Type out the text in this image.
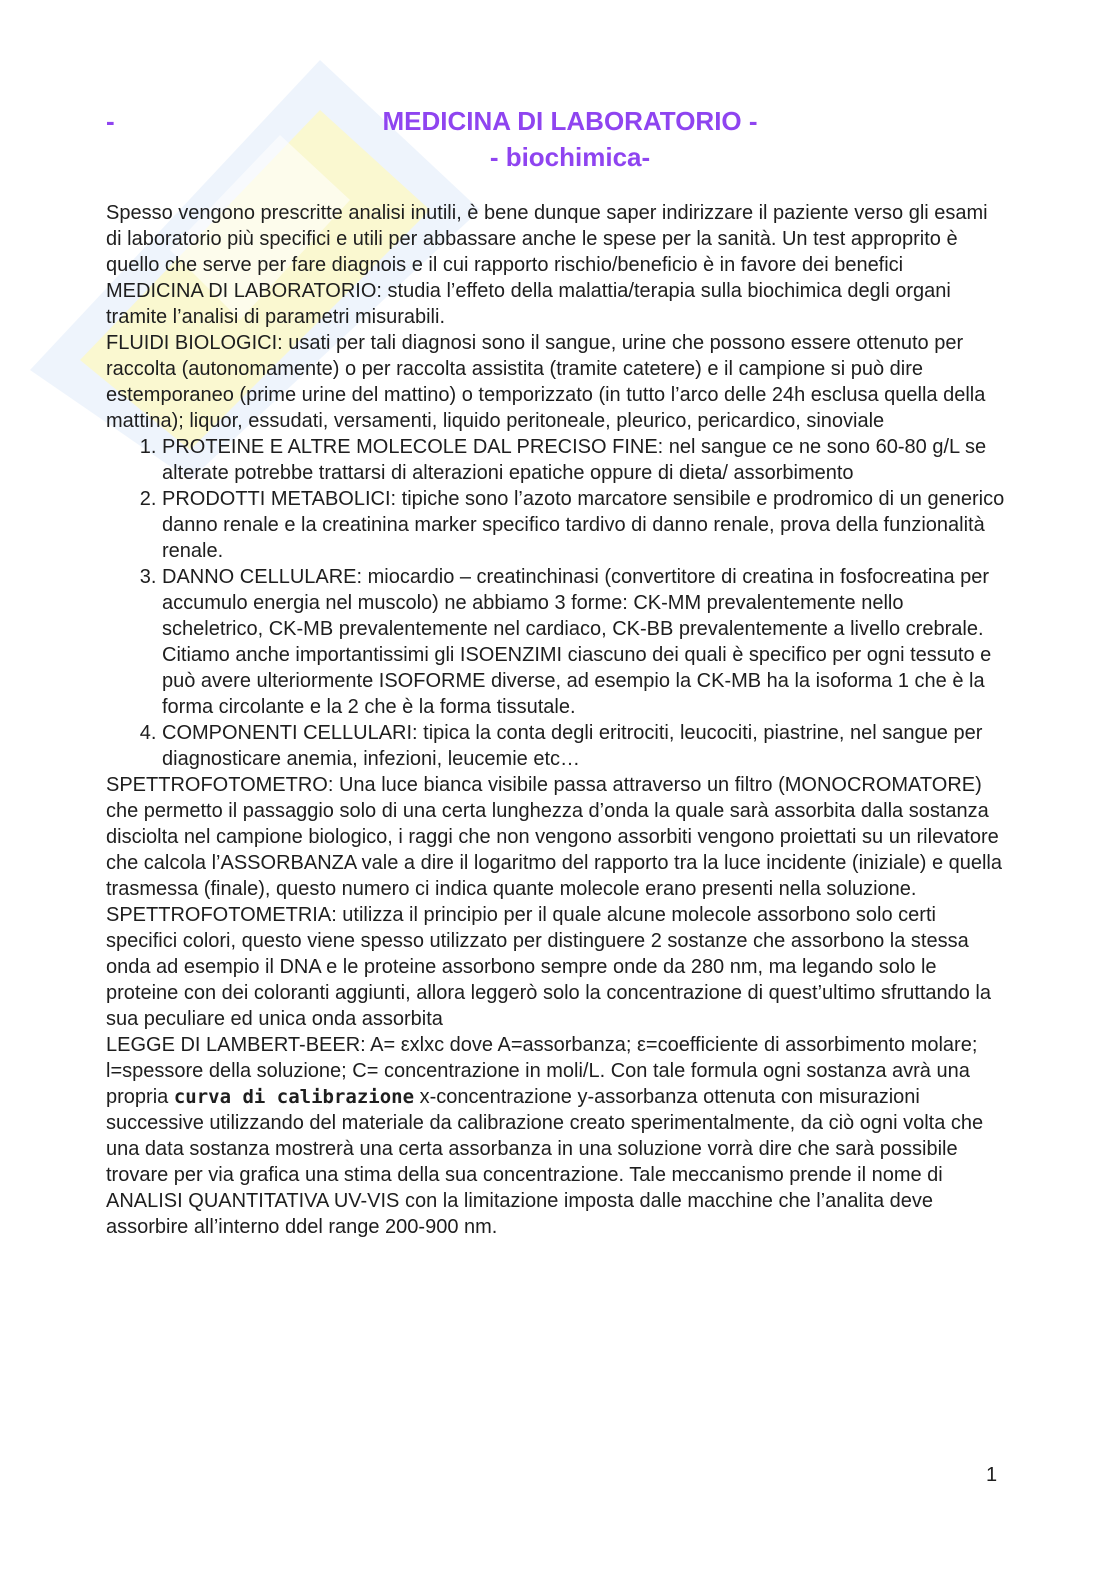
-	MEDICINA DI LABORATORIO -
- biochimica-

Spesso vengono prescritte analisi inutili, è bene dunque saper indirizzare il paziente verso gli esami di laboratorio più specifici e utili per abbassare anche le spese per la sanità. Un test approprito è quello che serve per fare diagnois e il cui rapporto rischio/beneficio è in favore dei benefici

MEDICINA DI LABORATORIO: studia l’effeto della malattia/terapia sulla biochimica degli organi tramite l’analisi di parametri misurabili.

FLUIDI BIOLOGICI: usati per tali diagnosi sono il sangue, urine che possono essere ottenuto per raccolta (autonomamente) o per raccolta assistita (tramite catetere) e il campione si può dire estemporaneo (prime urine del mattino) o temporizzato (in tutto l’arco delle 24h esclusa quella della mattina); liquor, essudati, versamenti, liquido peritoneale, pleurico, pericardico, sinoviale

1. PROTEINE E ALTRE MOLECOLE DAL PRECISO FINE: nel sangue ce ne sono 60-80 g/L se alterate potrebbe trattarsi di alterazioni epatiche oppure di dieta/ assorbimento
2. PRODOTTI METABOLICI: tipiche sono l’azoto marcatore sensibile e prodromico di un generico danno renale e la creatinina marker specifico tardivo di danno renale, prova della funzionalità renale.
3. DANNO CELLULARE: miocardio – creatinchinasi (convertitore di creatina in fosfocreatina per accumulo energia nel muscolo) ne abbiamo 3 forme: CK-MM prevalentemente nello scheletrico, CK-MB prevalentemente nel cardiaco, CK-BB prevalentemente a livello crebrale. Citiamo anche importantissimi gli ISOENZIMI ciascuno dei quali è specifico per ogni tessuto e può avere ulteriormente ISOFORME diverse, ad esempio la CK-MB ha la isoforma 1 che è la forma circolante e la 2 che è la forma tissutale.
4. COMPONENTI CELLULARI: tipica la conta degli eritrociti, leucociti, piastrine, nel sangue per diagnosticare anemia, infezioni, leucemie etc…

SPETTROFOTOMETRO: Una luce bianca visibile passa attraverso un filtro (MONOCROMATORE) che permetto il passaggio solo di una certa lunghezza d’onda la quale sarà assorbita dalla sostanza disciolta nel campione biologico, i raggi che non vengono assorbiti vengono proiettati su un rilevatore che calcola l’ASSORBANZA vale a dire il logaritmo del rapporto tra la luce incidente (iniziale) e quella trasmessa (finale), questo numero ci indica quante molecole erano presenti nella soluzione.

SPETTROFOTOMETRIA: utilizza il principio per il quale alcune molecole assorbono solo certi specifici colori, questo viene spesso utilizzato per distinguere 2 sostanze che assorbono la stessa onda ad esempio il DNA e le proteine assorbono sempre onde da 280 nm, ma legando solo le proteine con dei coloranti aggiunti, allora leggerò solo la concentrazione di quest’ultimo sfruttando la sua peculiare ed unica onda assorbita

LEGGE DI LAMBERT-BEER: A= εxlxc dove A=assorbanza; ε=coefficiente di assorbimento molare; l=spessore della soluzione; C= concentrazione in moli/L. Con tale formula ogni sostanza avrà una propria curva di calibrazione x-concentrazione y-assorbanza ottenuta con misurazioni successive utilizzando del materiale da calibrazione creato sperimentalmente, da ciò ogni volta che una data sostanza mostrerà una certa assorbanza in una soluzione vorrà dire che sarà possibile trovare per via grafica una stima della sua concentrazione. Tale meccanismo prende il nome di ANALISI QUANTITATIVA UV-VIS con la limitazione imposta dalle macchine che l’analita deve assorbire all’interno ddel range 200-900 nm.

1
